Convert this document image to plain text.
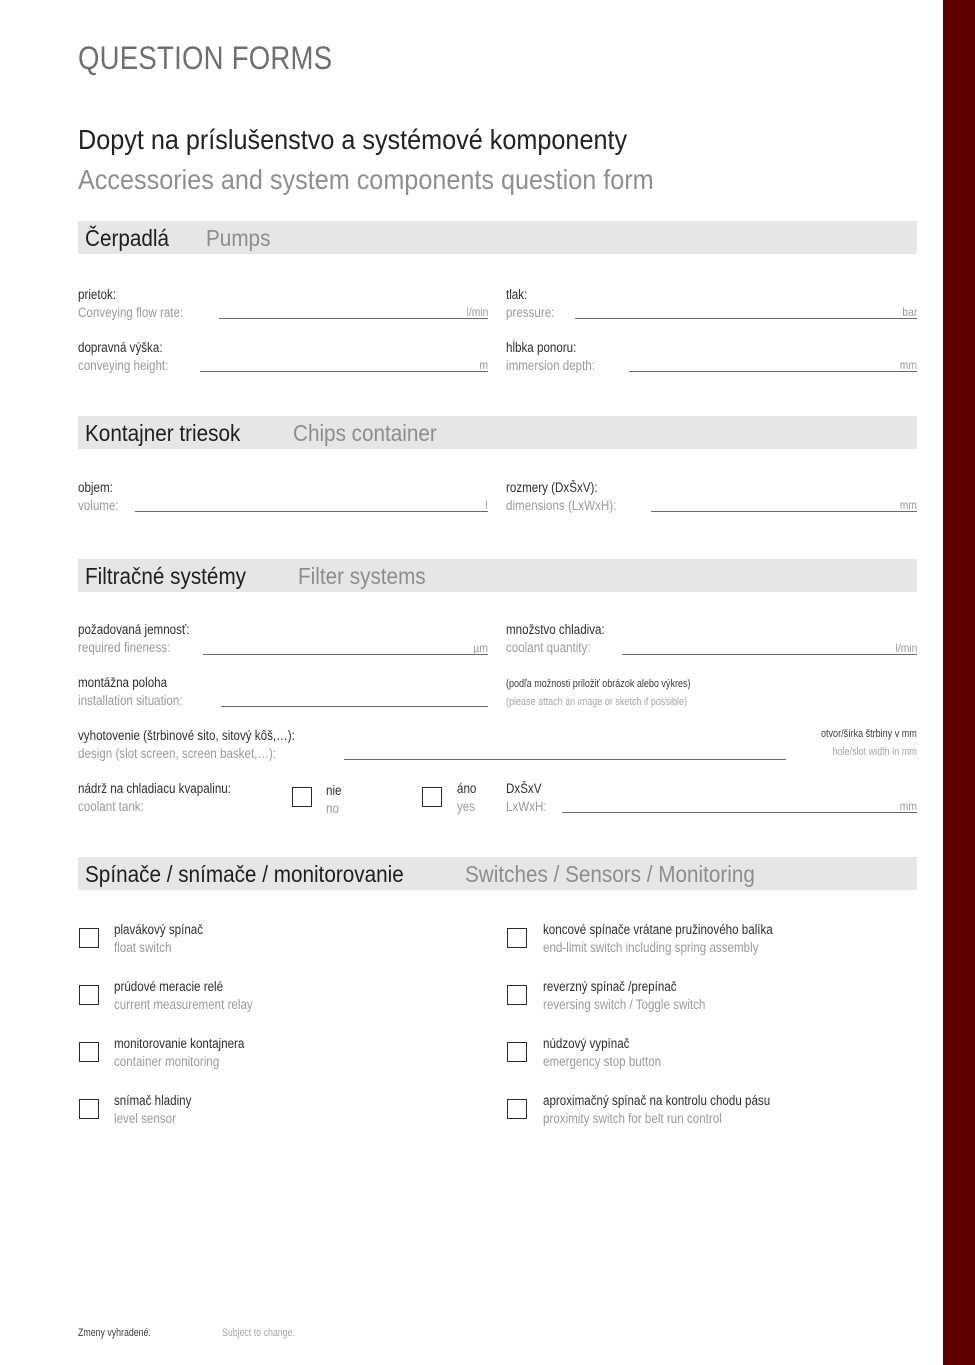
QUESTION FORMS
Dopyt na príslušenstvo a systémové komponenty
Accessories and system components question form
Čerpadlá Pumps
prietok:
Conveying flow rate:	l/min
tlak:
pressure:	bar
dopravná výška:
conveying height:	m
hĺbka ponoru:
immersion depth:	mm
Kontajner triesok Chips container
objem:
volume:	l
rozmery (DxŠxV):
dimensions (LxWxH):	mm
Filtračné systémy Filter systems
požadovaná jemnosť:
required fineness:	µm
množstvo chladiva:
coolant quantity:	l/min
montážna poloha
installation situation:
(podľa možnosti priložiť obrázok alebo výkres)
(please attach an image or sketch if possible)
vyhotovenie (štrbinové sito, sitový kôš,…):
design (slot screen, screen basket,…):
otvor/šírka štrbiny v mm
hole/slot width in mm
nádrž na chladiacu kvapalinu:
coolant tank:
nie
no
áno
yes
DxŠxV
LxWxH:	mm
Spínače / snímače / monitorovanie	Switches / Sensors / Monitoring
plavákový spínač
float switch
koncové spínače vrátane pružinového balíka
end-limit switch including spring assembly
prúdové meracie relé
current measurement relay
reverzný spínač /prepínač
reversing switch / Toggle switch
monitorovanie kontajnera
container monitoring
núdzový vypínač
emergency stop button
snímač hladiny
level sensor
aproximačný spínač na kontrolu chodu pásu
proximity switch for belt run control
Zmeny vyhradené.	Subject to change.
